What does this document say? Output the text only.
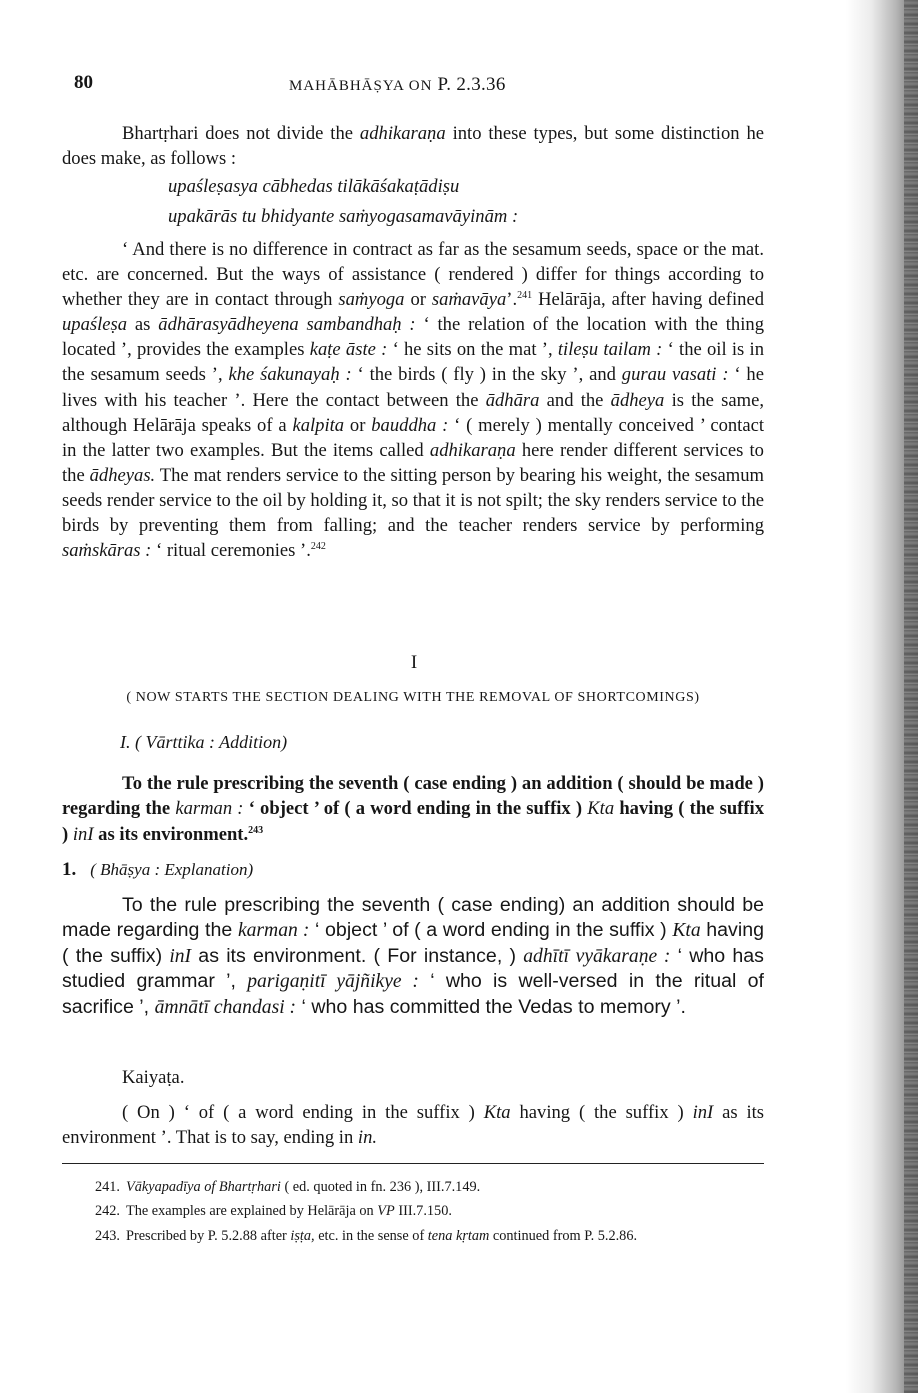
80	MAHĀBHĀṢYA ON P. 2.3.36

Bhartṛhari does not divide the adhikaraṇa into these types, but some distinction he does make, as follows :

upaśleṣasya cābhedas tilākāśakaṭādiṣu
upakārās tu bhidyante saṁyogasamavāyinām :

‘ And there is no difference in contract as far as the sesamum seeds, space or the mat. etc. are concerned. But the ways of assistance ( rendered ) differ for things according to whether they are in contact through saṁyoga or saṁavāya’.$^{241}$ Helārāja, after having defined upaśleṣa as ādhārasyādheyena sambandhaḥ : ‘ the relation of the location with the thing located ’, provides the examples kaṭe āste : ‘ he sits on the mat ’, tileṣu tailam : ‘ the oil is in the sesamum seeds ’, khe śakunayaḥ : ‘ the birds ( fly ) in the sky ’, and gurau vasati : ‘ he lives with his teacher ’. Here the contact between the ādhāra and the ādheya is the same, although Helārāja speaks of a kalpita or bauddha : ‘ ( merely ) mentally conceived ’ contact in the latter two examples. But the items called adhikaraṇa here render different services to the ādheyas. The mat renders service to the sitting person by bearing his weight, the sesamum seeds render service to the oil by holding it, so that it is not spilt; the sky renders service to the birds by preventing them from falling; and the teacher renders service by performing saṁskāras : ‘ ritual ceremonies ’.$^{242}$

I
( NOW STARTS THE SECTION DEALING WITH THE REMOVAL OF SHORTCOMINGS)
I. ( Vārttika : Addition)

To the rule prescribing the seventh ( case ending ) an addition ( should be made ) regarding the karman : ‘ object ’ of ( a word ending in the suffix ) Kta having ( the suffix ) inI as its environment.$^{243}$

1. ( Bhāṣya : Explanation)

To the rule prescribing the seventh ( case ending) an addition should be made regarding the karman : ‘ object ’ of ( a word ending in the suffix ) Kta having ( the suffix) inI as its environment. ( For instance, ) adhītī vyākaraṇe : ‘ who has studied grammar ’, parigaṇitī yājñikye : ‘ who is well-versed in the ritual of sacrifice ’, āmnātī chandasi : ‘ who has committed the Vedas to memory ’.

Kaiyaṭa.

( On ) ‘ of ( a word ending in the suffix ) Kta having ( the suffix ) inI as its environment ’. That is to say, ending in in.

241. Vākyapadīya of Bhartṛhari ( ed. quoted in fn. 236 ), III.7.149.
242. The examples are explained by Helārāja on VP III.7.150.
243. Prescribed by P. 5.2.88 after iṣṭa, etc. in the sense of tena kṛtam continued from P. 5.2.86.
